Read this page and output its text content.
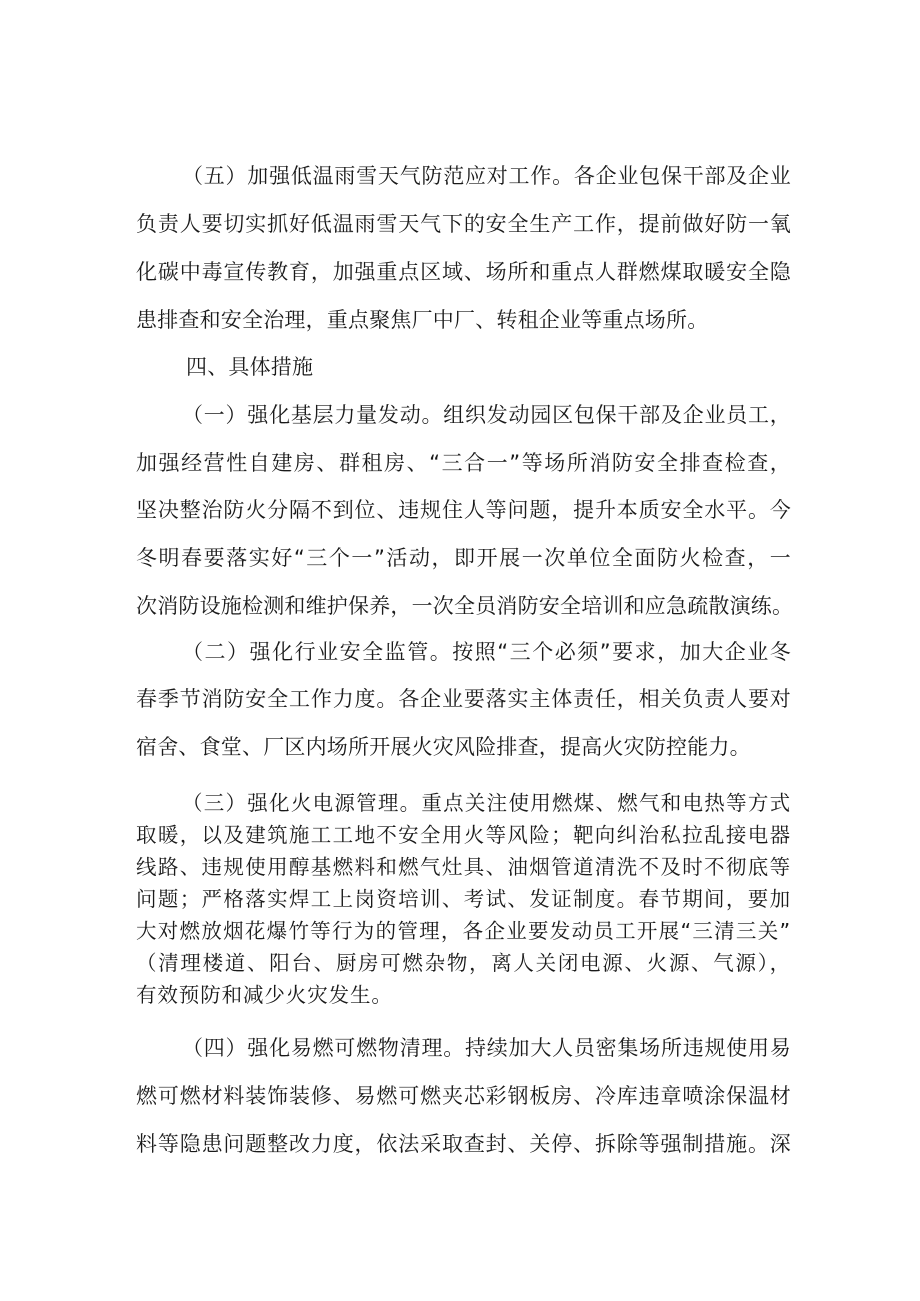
（五）加强低温雨雪天气防范应对工作。各企业包保干部及企业
负责人要切实抓好低温雨雪天气下的安全生产工作，提前做好防一氧
化碳中毒宣传教育，加强重点区域、场所和重点人群燃煤取暖安全隐
患排查和安全治理，重点聚焦厂中厂、转租企业等重点场所。
四、具体措施
（一）强化基层力量发动。组织发动园区包保干部及企业员工，
加强经营性自建房、群租房、“三合一”等场所消防安全排查检查，
坚决整治防火分隔不到位、违规住人等问题，提升本质安全水平。今
冬明春要落实好“三个一”活动，即开展一次单位全面防火检查，一
次消防设施检测和维护保养，一次全员消防安全培训和应急疏散演练。
（二）强化行业安全监管。按照“三个必须”要求，加大企业冬
春季节消防安全工作力度。各企业要落实主体责任，相关负责人要对
宿舍、食堂、厂区内场所开展火灾风险排查，提高火灾防控能力。
（三）强化火电源管理。重点关注使用燃煤、燃气和电热等方式
取暖，以及建筑施工工地不安全用火等风险；靶向纠治私拉乱接电器
线路、违规使用醇基燃料和燃气灶具、油烟管道清洗不及时不彻底等
问题；严格落实焊工上岗资培训、考试、发证制度。春节期间，要加
大对燃放烟花爆竹等行为的管理，各企业要发动员工开展“三清三关”
（清理楼道、阳台、厨房可燃杂物，离人关闭电源、火源、气源），
有效预防和减少火灾发生。
（四）强化易燃可燃物清理。持续加大人员密集场所违规使用易
燃可燃材料装饰装修、易燃可燃夹芯彩钢板房、冷库违章喷涂保温材
料等隐患问题整改力度，依法采取查封、关停、拆除等强制措施。深
